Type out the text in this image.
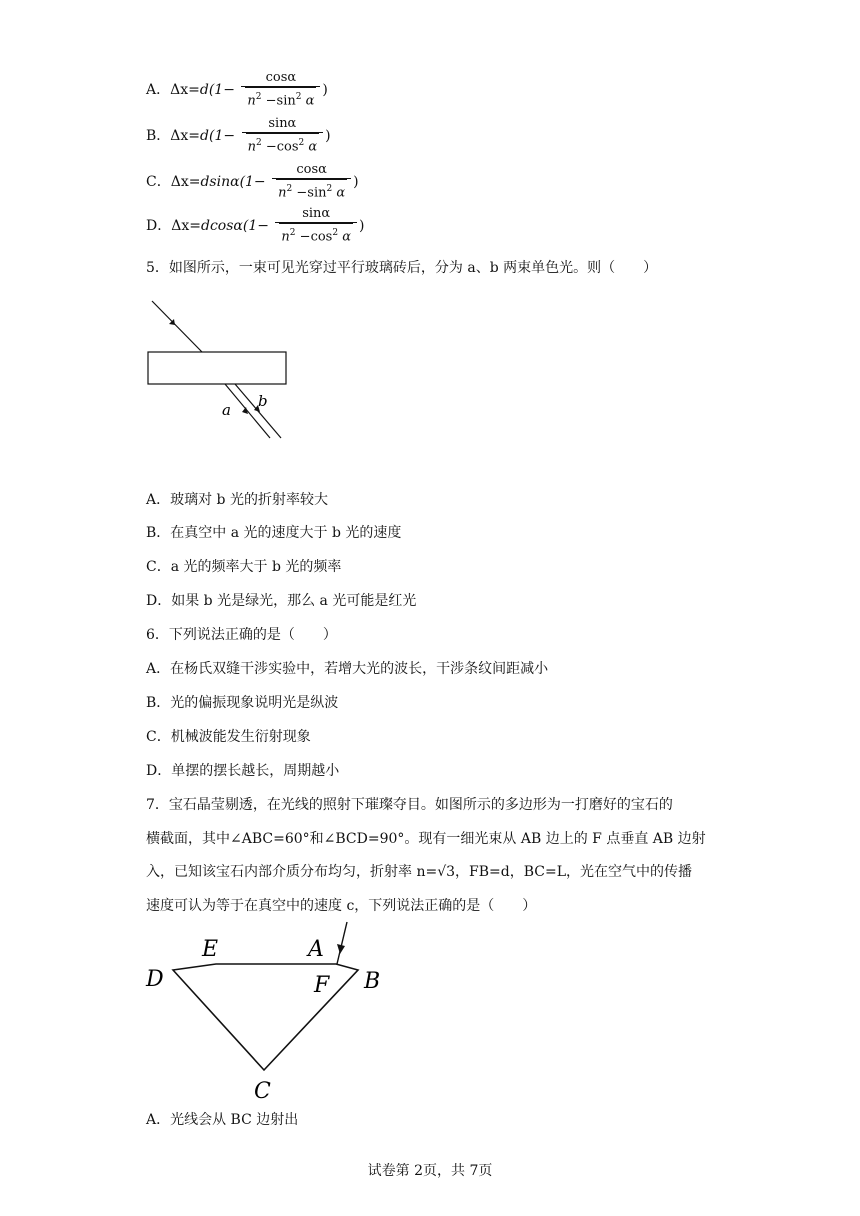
A．$\Delta x=d(1- \frac{\cos\alpha}{n^2 -\sin^2 \alpha}$ )
B．$\Delta x=d(1- \frac{\sin\alpha}{n^2 -\cos^2 \alpha}$ )
C．$\Delta x=dsin\alpha(1- \frac{\cos\alpha}{n^2 -\sin^2 \alpha}$ )
D．$\Delta x=dcos\alpha(1- \frac{\sin\alpha}{n^2 -\cos^2 \alpha}$ )
5．如图所示，一束可见光穿过平行玻璃砖后，分为 a、b 两束单色光。则（　　）
a b
A．玻璃对 b 光的折射率较大
B．在真空中 a 光的速度大于 b 光的速度
C．a 光的频率大于 b 光的频率
D．如果 b 光是绿光，那么 a 光可能是红光
6．下列说法正确的是（　　）
A．在杨氏双缝干涉实验中，若增大光的波长，干涉条纹间距减小
B．光的偏振现象说明光是纵波
C．机械波能发生衍射现象
D．单摆的摆长越长，周期越小
7．宝石晶莹剔透，在光线的照射下璀璨夺目。如图所示的多边形为一打磨好的宝石的
横截面，其中∠ABC=60°和∠BCD=90°。现有一细光束从 AB 边上的 F 点垂直 AB 边射
入，已知该宝石内部介质分布均匀，折射率 n=√3，FB=d，BC=L，光在空气中的传播
速度可认为等于在真空中的速度 c，下列说法正确的是（　　）
E	A
D	F B
C
A．光线会从 BC 边射出
试卷第 2页，共 7页
